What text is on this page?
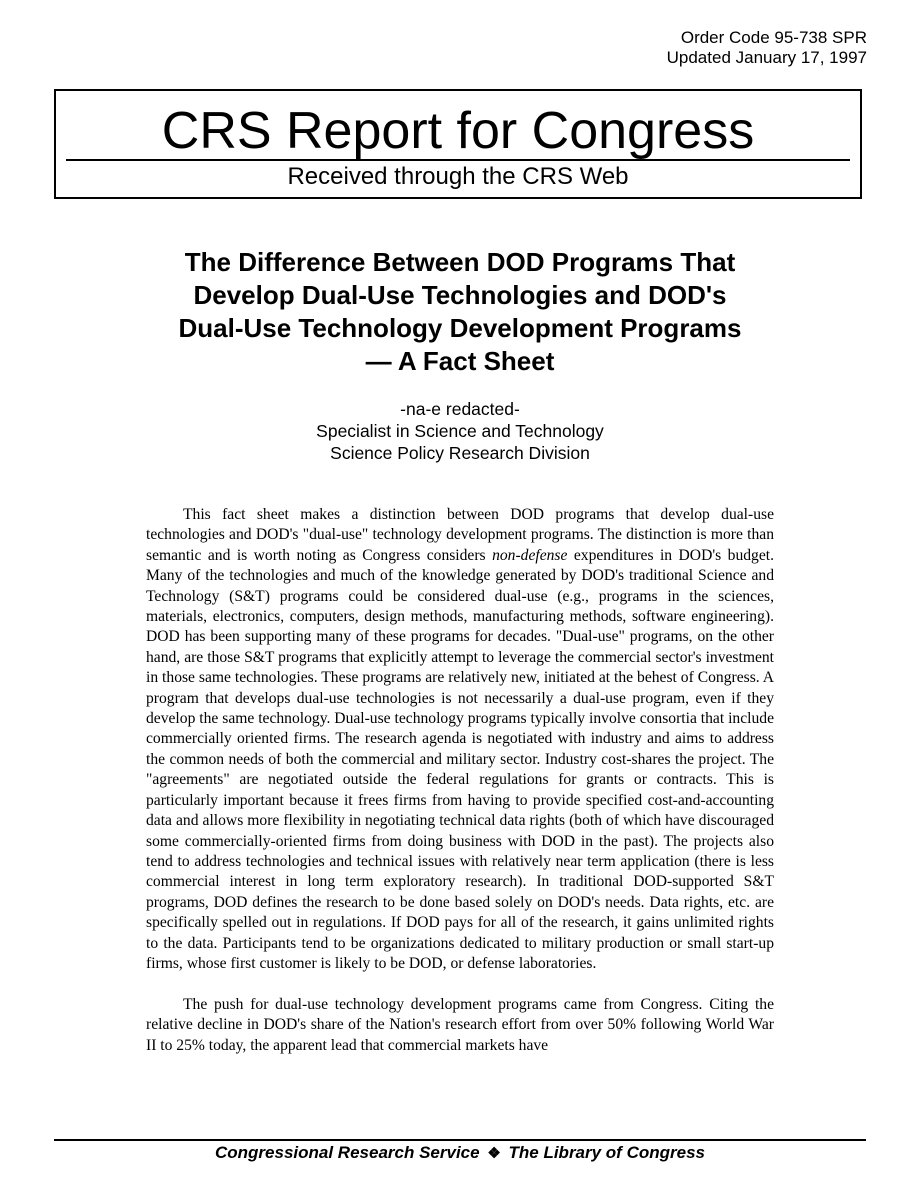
Order Code 95-738 SPR
Updated January 17, 1997
CRS Report for Congress
Received through the CRS Web
The Difference Between DOD Programs That
Develop Dual-Use Technologies and DOD's
Dual-Use Technology Development Programs
— A Fact Sheet
-na-e redacted-
Specialist in Science and Technology
Science Policy Research Division

This fact sheet makes a distinction between DOD programs that develop dual-use technologies and DOD's "dual-use" technology development programs. The distinction is more than semantic and is worth noting as Congress considers non-defense expenditures in DOD's budget. Many of the technologies and much of the knowledge generated by DOD's traditional Science and Technology (S&T) programs could be considered dual-use (e.g., programs in the sciences, materials, electronics, computers, design methods, manufacturing methods, software engineering). DOD has been supporting many of these programs for decades. "Dual-use" programs, on the other hand, are those S&T programs that explicitly attempt to leverage the commercial sector's investment in those same technologies. These programs are relatively new, initiated at the behest of Congress. A program that develops dual-use technologies is not necessarily a dual-use program, even if they develop the same technology. Dual-use technology programs typically involve consortia that include commercially oriented firms. The research agenda is negotiated with industry and aims to address the common needs of both the commercial and military sector. Industry cost-shares the project. The "agreements" are negotiated outside the federal regulations for grants or contracts. This is particularly important because it frees firms from having to provide specified cost-and-accounting data and allows more flexibility in negotiating technical data rights (both of which have discouraged some commercially-oriented firms from doing business with DOD in the past). The projects also tend to address technologies and technical issues with relatively near term application (there is less commercial interest in long term exploratory research). In traditional DOD-supported S&T programs, DOD defines the research to be done based solely on DOD's needs. Data rights, etc. are specifically spelled out in regulations. If DOD pays for all of the research, it gains unlimited rights to the data. Participants tend to be organizations dedicated to military production or small start-up firms, whose first customer is likely to be DOD, or defense laboratories.

The push for dual-use technology development programs came from Congress. Citing the relative decline in DOD's share of the Nation's research effort from over 50% following World War II to 25% today, the apparent lead that commercial markets have

Congressional Research Service ❖ The Library of Congress
